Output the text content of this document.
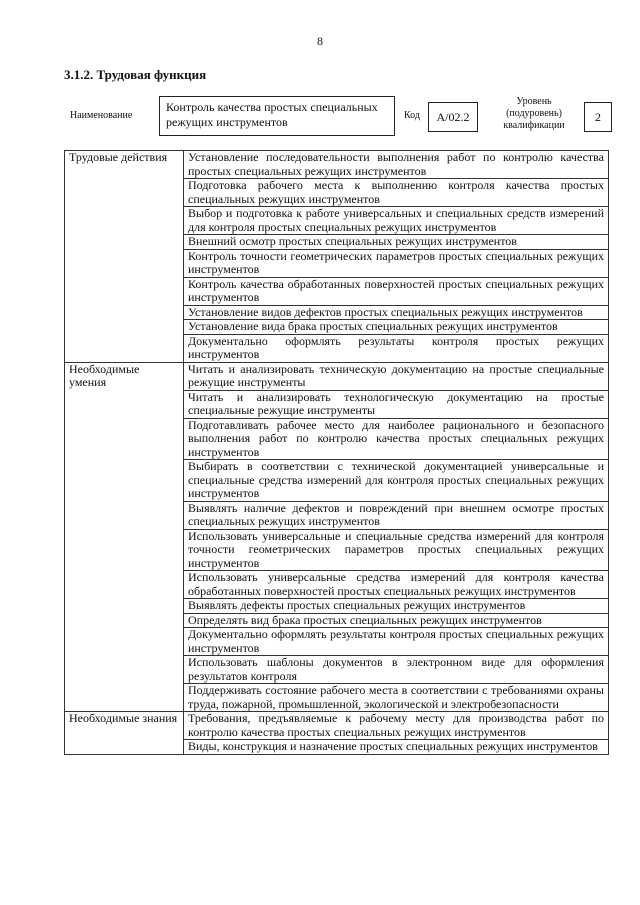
8
3.1.2. Трудовая функция
Наименование
Контроль качества простых специальных режущих инструментов	Код	А/02.2
Уровень
(подуровень)
квалификации
2
Трудовые действия	Установление последовательности выполнения работ по контролю качества простых специальных режущих инструментов
	Подготовка рабочего места к выполнению контроля качества простых специальных режущих инструментов
	Выбор и подготовка к работе универсальных и специальных средств измерений для контроля простых специальных режущих инструментов
	Внешний осмотр простых специальных режущих инструментов
	Контроль точности геометрических параметров простых специальных режущих инструментов
	Контроль качества обработанных поверхностей простых специальных режущих инструментов
	Установление видов дефектов простых специальных режущих инструментов
	Установление вида брака простых специальных режущих инструментов
	Документально оформлять результаты контроля простых режущих инструментов
Необходимые умения	Читать и анализировать техническую документацию на простые специальные режущие инструменты
	Читать и анализировать технологическую документацию на простые специальные режущие инструменты
	Подготавливать рабочее место для наиболее рационального и безопасного выполнения работ по контролю качества простых специальных режущих инструментов
	Выбирать в соответствии с технической документацией универсальные и специальные средства измерений для контроля простых специальных режущих инструментов
	Выявлять наличие дефектов и повреждений при внешнем осмотре простых специальных режущих инструментов
	Использовать универсальные и специальные средства измерений для контроля точности геометрических параметров простых специальных режущих инструментов
	Использовать универсальные средства измерений для контроля качества обработанных поверхностей простых специальных режущих инструментов
	Выявлять дефекты простых специальных режущих инструментов
	Определять вид брака простых специальных режущих инструментов
	Документально оформлять результаты контроля простых специальных режущих инструментов
	Использовать шаблоны документов в электронном виде для оформления результатов контроля
	Поддерживать состояние рабочего места в соответствии с требованиями охраны труда, пожарной, промышленной, экологической и электробезопасности
Необходимые знания	Требования, предъявляемые к рабочему месту для производства работ по контролю качества простых специальных режущих инструментов
	Виды, конструкция и назначение простых специальных режущих инструментов
